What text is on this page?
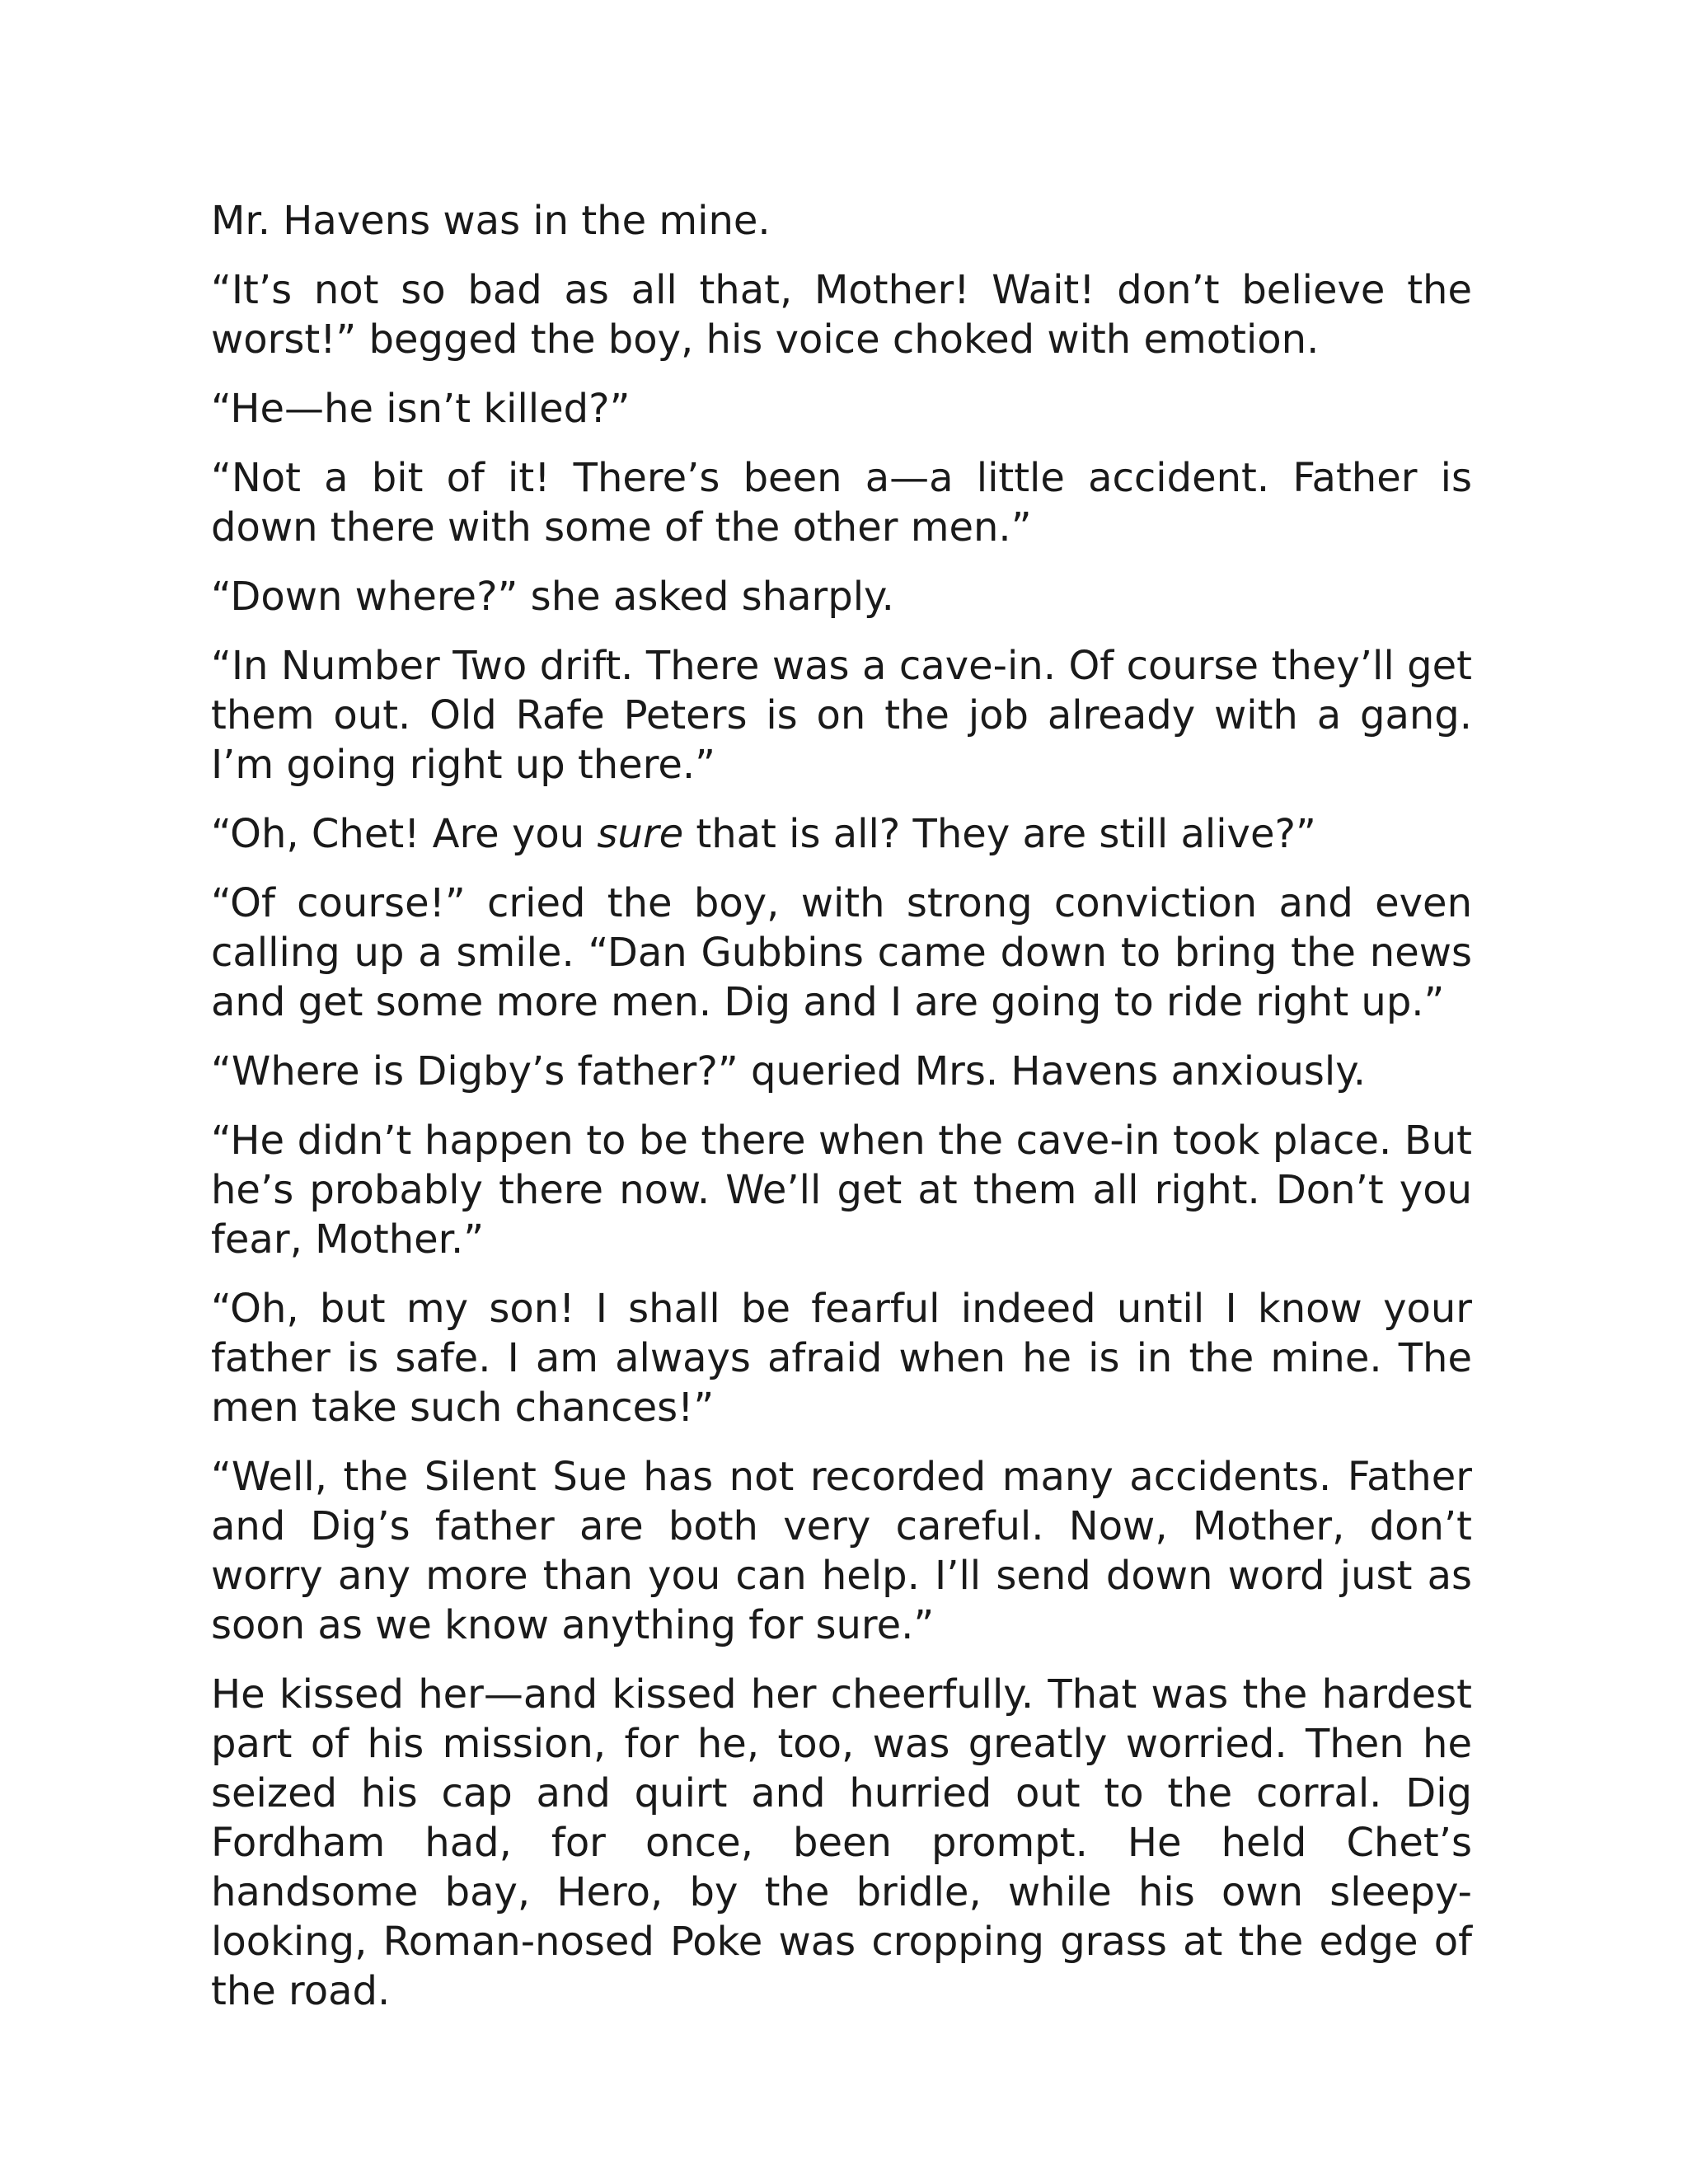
Mr. Havens was in the mine.

“It’s not so bad as all that, Mother! Wait! don’t believe the worst!” begged the boy, his voice choked with emotion.

“He—he isn’t killed?”

“Not a bit of it! There’s been a—a little accident. Father is down there with some of the other men.”

“Down where?” she asked sharply.

“In Number Two drift. There was a cave-in. Of course they’ll get them out. Old Rafe Peters is on the job already with a gang. I’m going right up there.”

“Oh, Chet! Are you sure that is all? They are still alive?”

“Of course!” cried the boy, with strong conviction and even calling up a smile. “Dan Gubbins came down to bring the news and get some more men. Dig and I are going to ride right up.”

“Where is Digby’s father?” queried Mrs. Havens anxiously.

“He didn’t happen to be there when the cave-in took place. But he’s probably there now. We’ll get at them all right. Don’t you fear, Mother.”

“Oh, but my son! I shall be fearful indeed until I know your father is safe. I am always afraid when he is in the mine. The men take such chances!”

“Well, the Silent Sue has not recorded many accidents. Father and Dig’s father are both very careful. Now, Mother, don’t worry any more than you can help. I’ll send down word just as soon as we know anything for sure.”

He kissed her—and kissed her cheerfully. That was the hardest part of his mission, for he, too, was greatly worried. Then he seized his cap and quirt and hurried out to the corral. Dig Fordham had, for once, been prompt. He held Chet’s handsome bay, Hero, by the bridle, while his own sleepy-looking, Roman-nosed Poke was cropping grass at the edge of the road.
